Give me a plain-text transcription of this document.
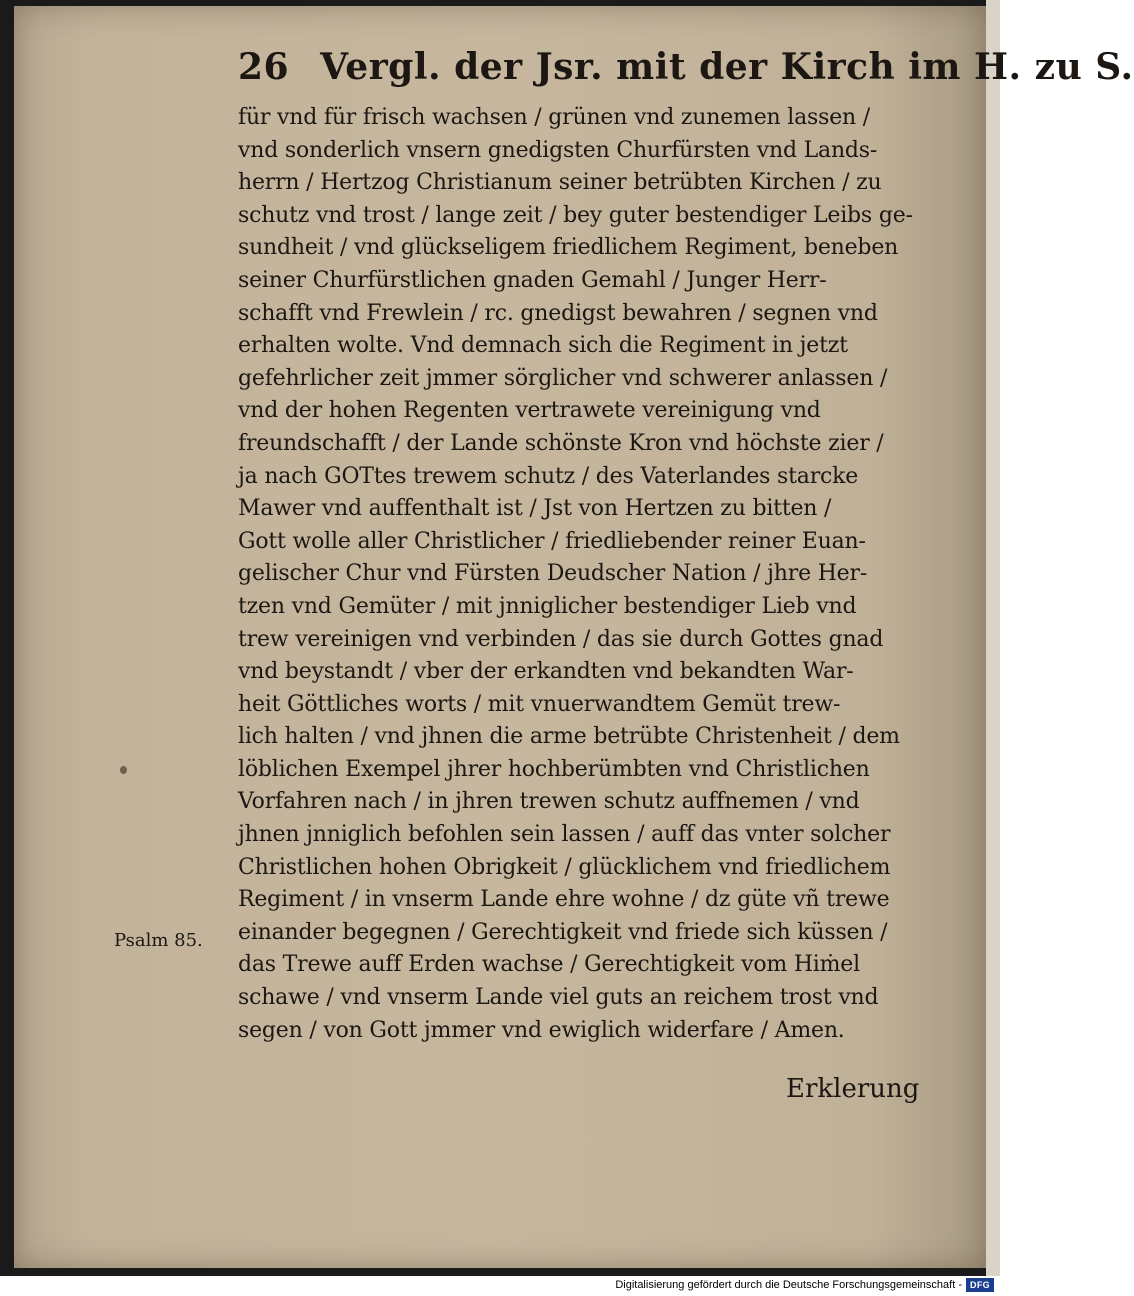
26 Vergl. der Jsr. mit der Kirch im H. zu S.
für vnd für frisch wachsen / grünen vnd zunemen lassen /
vnd sonderlich vnsern gnedigsten Churfürsten vnd Lands-
herrn / Hertzog Christianum seiner betrübten Kirchen / zu
schutz vnd trost / lange zeit / bey guter bestendiger Leibs ge-
sundheit / vnd glückseligem friedlichem Regiment, beneben
seiner Churfürstlichen gnaden Gemahl / Junger Herr-
schafft vnd Frewlein / rc. gnedigst bewahren / segnen vnd
erhalten wolte. Vnd demnach sich die Regiment in jetzt
gefehrlicher zeit jmmer sörglicher vnd schwerer anlassen /
vnd der hohen Regenten vertrawete vereinigung vnd
freundschafft / der Lande schönste Kron vnd höchste zier /
ja nach GOTtes trewem schutz / des Vaterlandes starcke
Mawer vnd auffenthalt ist / Jst von Hertzen zu bitten /
Gott wolle aller Christlicher / friedliebender reiner Euan-
gelischer Chur vnd Fürsten Deudscher Nation / jhre Her-
tzen vnd Gemüter / mit jnniglicher bestendiger Lieb vnd
trew vereinigen vnd verbinden / das sie durch Gottes gnad
vnd beystandt / vber der erkandten vnd bekandten War-
heit Göttliches worts / mit vnuerwandtem Gemüt trew-
lich halten / vnd jhnen die arme betrübte Christenheit / dem
löblichen Exempel jhrer hochberümbten vnd Christlichen
Vorfahren nach / in jhren trewen schutz auffnemen / vnd
jhnen jnniglich befohlen sein lassen / auff das vnter solcher
Christlichen hohen Obrigkeit / glücklichem vnd friedlichem
Regiment / in vnserm Lande ehre wohne / dz güte vñ trewe
einander begegnen / Gerechtigkeit vnd friede sich küssen /
das Trewe auff Erden wachse / Gerechtigkeit vom Hiṁel
schawe / vnd vnserm Lande viel guts an reichem trost vnd
segen / von Gott jmmer vnd ewiglich widerfare / Amen.
Psalm 85.
Erklerung
Digitalisierung gefördert durch die Deutsche Forschungsgemeinschaft - DFG
